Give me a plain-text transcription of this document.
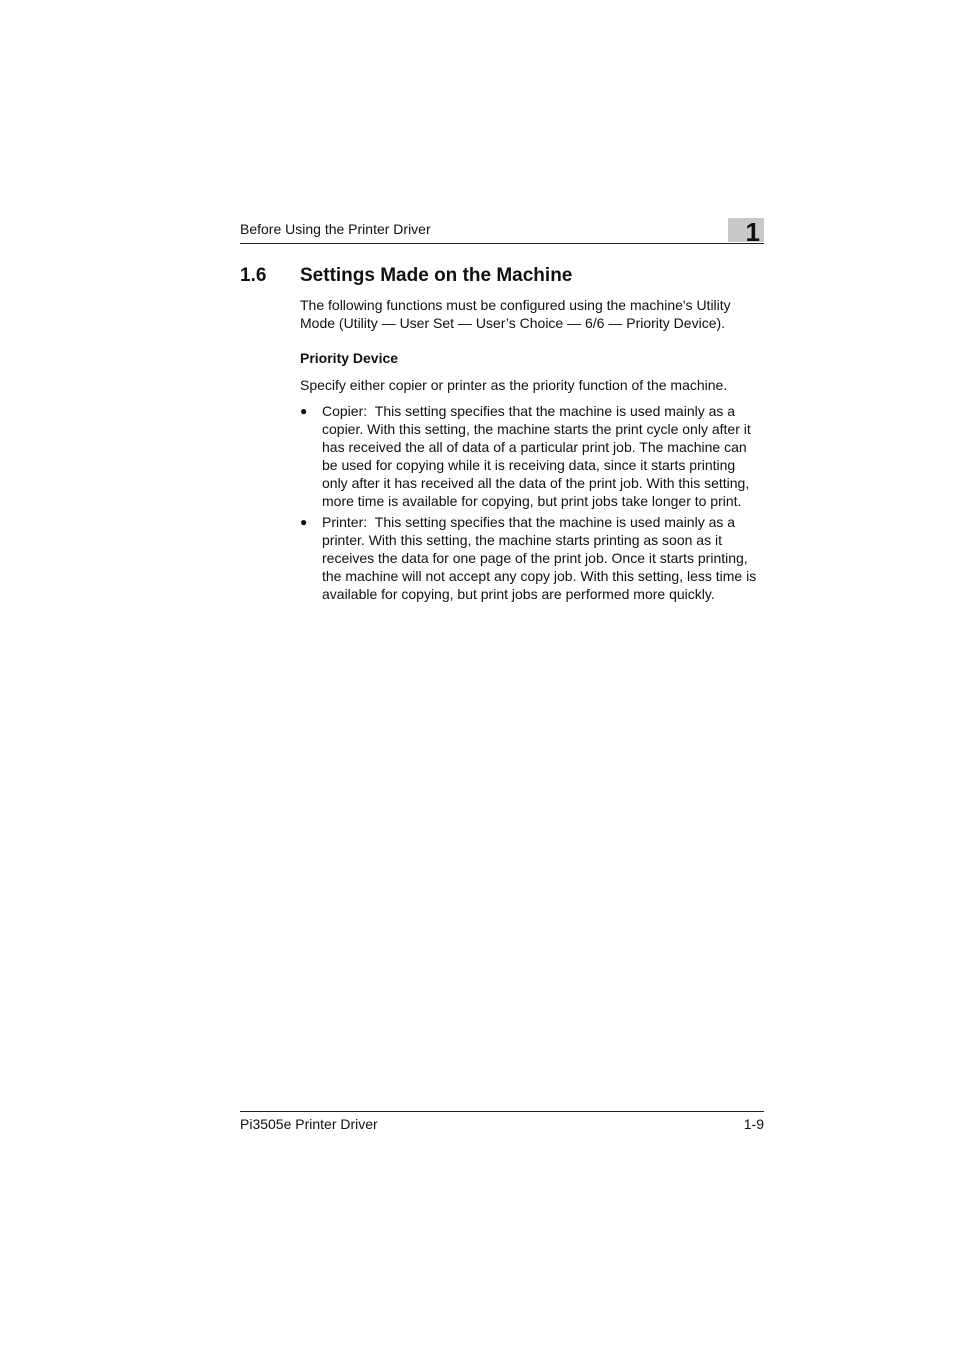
Before Using the Printer Driver	1
1.6 Settings Made on the Machine

The following functions must be configured using the machine's Utility Mode (Utility — User Set — User’s Choice — 6/6 — Priority Device).

Priority Device

Specify either copier or printer as the priority function of the machine.

● Copier: This setting specifies that the machine is used mainly as a copier. With this setting, the machine starts the print cycle only after it has received the all of data of a particular print job. The machine can be used for copying while it is receiving data, since it starts printing only after it has received all the data of the print job. With this setting, more time is available for copying, but print jobs take longer to print.
● Printer: This setting specifies that the machine is used mainly as a printer. With this setting, the machine starts printing as soon as it receives the data for one page of the print job. Once it starts printing, the machine will not accept any copy job. With this setting, less time is available for copying, but print jobs are performed more quickly.
Pi3505e Printer Driver	1-9
